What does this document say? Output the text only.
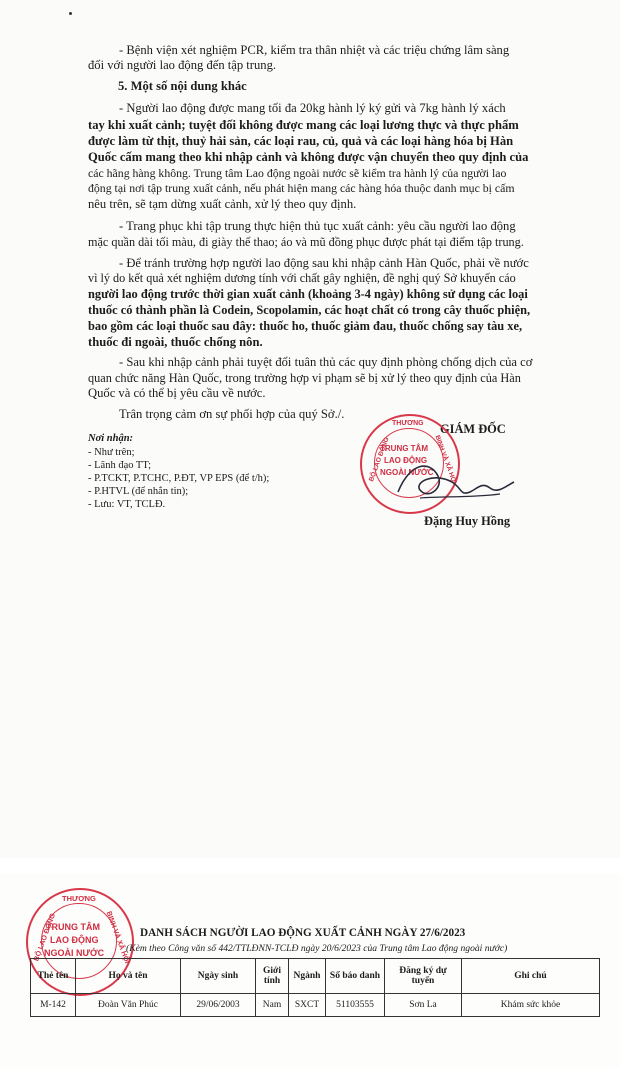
- Bệnh viện xét nghiệm PCR, kiểm tra thân nhiệt và các triệu chứng lâm sàng
đối với người lao động đến tập trung.
5. Một số nội dung khác
- Người lao động được mang tối đa 20kg hành lý ký gửi và 7kg hành lý xách
tay khi xuất cảnh; tuyệt đối không được mang các loại lương thực và thực phẩm
được làm từ thịt, thuỷ hải sản, các loại rau, củ, quả và các loại hàng hóa bị Hàn
Quốc cấm mang theo khi nhập cảnh và không được vận chuyển theo quy định của
các hãng hàng không. Trung tâm Lao động ngoài nước sẽ kiểm tra hành lý của người lao
động tại nơi tập trung xuất cảnh, nếu phát hiện mang các hàng hóa thuộc danh mục bị cấm
nêu trên, sẽ tạm dừng xuất cảnh, xử lý theo quy định.
- Trang phục khi tập trung thực hiện thủ tục xuất cảnh: yêu cầu người lao động
mặc quần dài tối màu, đi giày thể thao; áo và mũ đồng phục được phát tại điểm tập trung.
- Để tránh trường hợp người lao động sau khi nhập cảnh Hàn Quốc, phải về nước
vì lý do kết quả xét nghiệm dương tính với chất gây nghiện, đề nghị quý Sở khuyến cáo
người lao động trước thời gian xuất cảnh (khoảng 3-4 ngày) không sử dụng các loại
thuốc có thành phần là Codein, Scopolamin, các hoạt chất có trong cây thuốc phiện,
bao gồm các loại thuốc sau đây: thuốc ho, thuốc giảm đau, thuốc chống say tàu xe,
thuốc đi ngoài, thuốc chống nôn.
- Sau khi nhập cảnh phải tuyệt đối tuân thủ các quy định phòng chống dịch của cơ
quan chức năng Hàn Quốc, trong trường hợp vi phạm sẽ bị xử lý theo quy định của Hàn
Quốc và có thể bị yêu cầu về nước.
Trân trọng cảm ơn sự phối hợp của quý Sở./.
Nơi nhận:
- Như trên;
- Lãnh đạo TT;
- P.TCKT, P.TCHC, P.ĐT, VP EPS (để t/h);
- P.HTVL (để nhắn tin);
- Lưu: VT, TCLĐ.
GIÁM ĐỐC
THƯƠNG
BỘ LAO ĐỘNG	BINH VÀ XÃ HỘI
TRUNG TÂM
LAO ĐỘNG
NGOÀI NƯỚC
Đặng Huy Hồng
THƯƠNG
BỘ LAO ĐỘNG	BINH VÀ XÃ HỘI
TRUNG TÂM
LAO ĐỘNG
NGOÀI NƯỚC
DANH SÁCH NGƯỜI LAO ĐỘNG XUẤT CẢNH NGÀY 27/6/2023
(Kèm theo Công văn số 442/TTLĐNN-TCLĐ ngày 20/6/2023 của Trung tâm Lao động ngoài nước)
Thẻ tên	Họ và tên	Ngày sinh	Giới tính	Ngành	Số báo danh	Đăng ký dự tuyển	Ghi chú
M-142	Đoàn Văn Phúc	29/06/2003	Nam	SXCT	51103555	Sơn La	Khám sức khỏe
